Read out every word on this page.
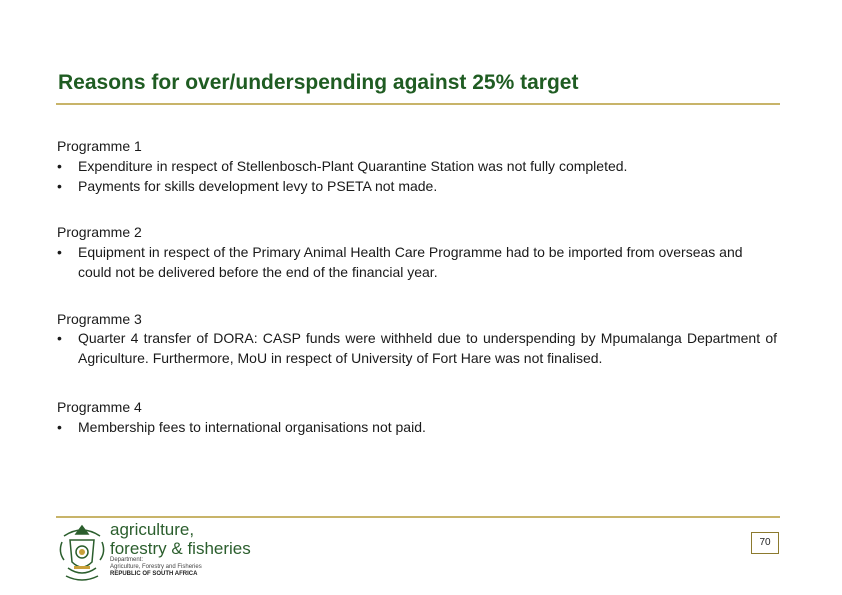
Reasons for over/underspending against 25% target

Programme 1

• Expenditure in respect of Stellenbosch-Plant Quarantine Station was not fully completed.

• Payments for skills development levy to PSETA not made.

Programme 2

• Equipment in respect of the Primary Animal Health Care Programme had to be imported from overseas and could not be delivered before the end of the financial year.

Programme 3

• Quarter 4 transfer of DORA: CASP funds were withheld due to underspending by Mpumalanga Department of Agriculture. Furthermore, MoU in respect of University of Fort Hare was not finalised.

Programme 4

• Membership fees to international organisations not paid.

agriculture,
forestry & fisheries
Department:
Agriculture, Forestry and Fisheries
REPUBLIC OF SOUTH AFRICA
70
